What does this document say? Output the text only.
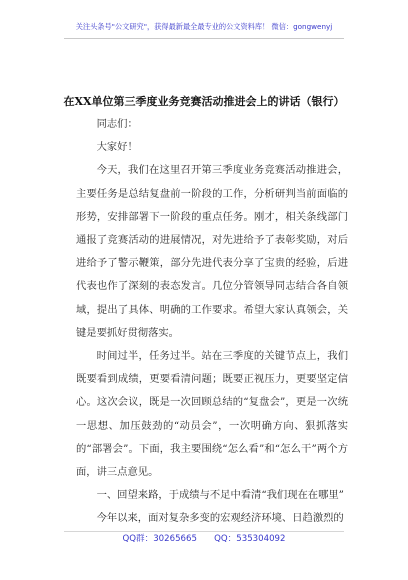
关注头条号"公文研究"，获得最新最全最专业的公文资料库！ 微信：gongwenyj
在XX单位第三季度业务竞赛活动推进会上的讲话（银行）

同志们：

大家好！

今天，我们在这里召开第三季度业务竞赛活动推进会，主要任务是总结复盘前一阶段的工作，分析研判当前面临的形势，安排部署下一阶段的重点任务。刚才，相关条线部门通报了竞赛活动的进展情况，对先进给予了表彰奖励，对后进给予了警示鞭策，部分先进代表分享了宝贵的经验，后进代表也作了深刻的表态发言。几位分管领导同志结合各自领域，提出了具体、明确的工作要求。希望大家认真领会，关键是要抓好贯彻落实。

时间过半，任务过半。站在三季度的关键节点上，我们既要看到成绩，更要看清问题；既要正视压力，更要坚定信心。这次会议，既是一次回顾总结的“复盘会”，更是一次统一思想、加压鼓劲的“动员会”，一次明确方向、狠抓落实的“部署会”。下面，我主要围绕“怎么看”和“怎么干”两个方面，讲三点意见。

一、回望来路，于成绩与不足中看清“我们现在在哪里”

今年以来，面对复杂多变的宏观经济环境、日趋激烈的

QQ群：30265665　　QQ：535304092
